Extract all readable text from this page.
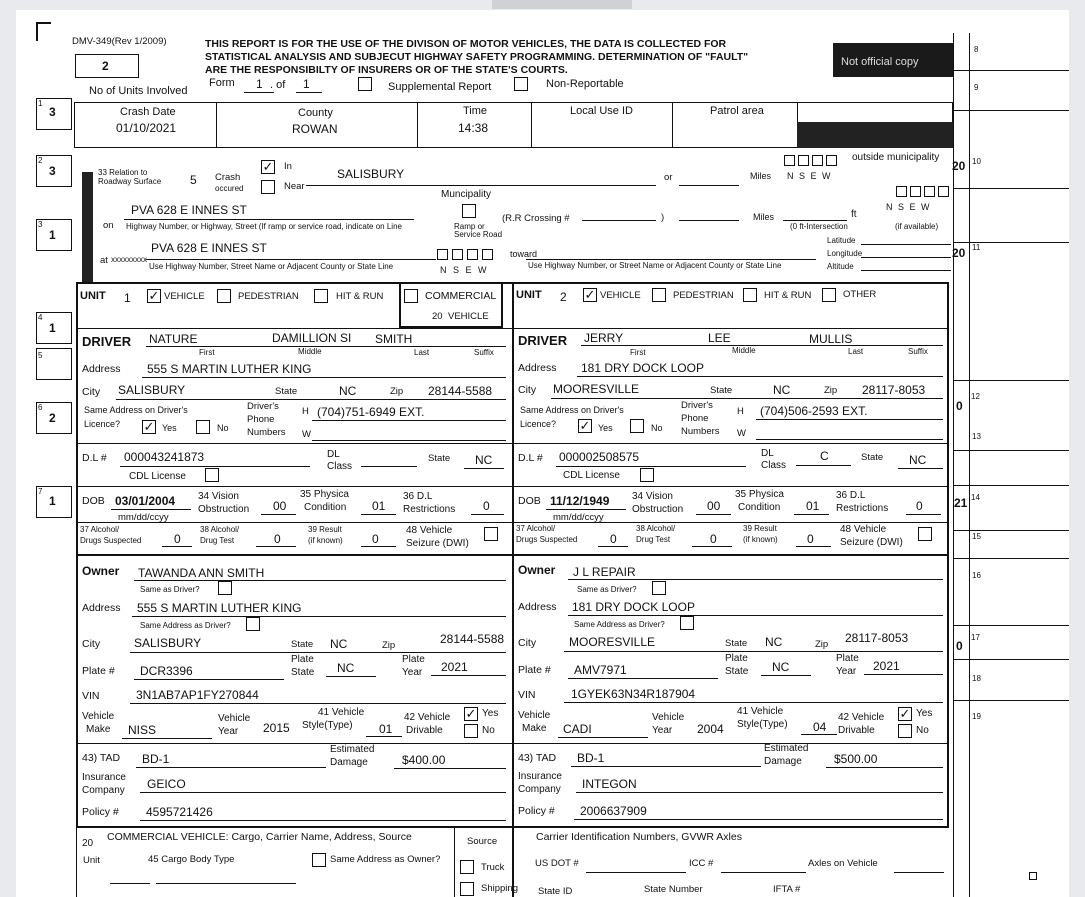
DMV-349(Rev 1/2009)	THIS REPORT IS FOR THE USE OF THE DIVISON OF MOTOR VEHICLES, THE DATA IS COLLECTED FOR
STATISTICAL ANALYSIS AND SUBJECUT HIGHWAY SAFETY PROGRAMMING. DETERMINATION OF "FAULT"
ARE THE RESPONSIBILTY OF INSURERS OR OF THE STATE'S COURTS.
2
No of Units Involved
Form 1 . of 1	Supplemental Report	Non-Reportable
Not official copy
8
9
20 10
20 11
0
12
13
21 14
15
16
0
17
18
19
1
3
2
3
3
1
4
1
5
6
2
7
1
Crash Date
01/10/2021
County
ROWAN
Time
14:38
Local Use ID	Patrol area
LOCATION
33 Relation to
Roadway Surface 5 Crash
occured
✓ In
Near
SALISBURY	or	Miles N S E W
outside municipality
Muncipality
N S E W
PVA 628 E INNES ST
on Highway Number, or Highway, Street (If ramp or service road, indicate on Line	Ramp or
Service Road
(R.R Crossing #	)	Miles	ft
(0 ft-Intersection	(if available)
Latitude
Longitude
Altitude
PVA 628 E INNES ST
at xxxxxxxxx
Use Highway Number, Street Name or Adjacent County or State Line	N S E W
toward
Use Highway Number, or Street Name or Adjacent County or State Line
UNIT 1 ✓ VEHICLE	PEDESTRIAN	HIT & RUN	COMMERCIAL
20 VEHICLE
UNIT 2 ✓ VEHICLE	PEDESTRIAN	HIT & RUN	OTHER
DRIVER NATURE	DAMILLION SI SMITH
First	Middle	Last	Suffix
Address 555 S MARTIN LUTHER KING
City SALISBURY	State	NC	Zip 28144-5588
Same Address on Driver's
Licence? ✓ Yes	No
Driver's
Phone
Numbers
H (704)751-6949 EXT.
W
D.L # 000043241873	DL
Class
State NC
CDL License
DOB 03/01/2004
mm/dd/ccyy
34 Vision
Obstruction 00
35 Physica
Condition 01
36 D.L
Restrictions 0
37 Alcohol/
Drugs Suspected	0
38 Alcohol/
Drug Test	0
39 Result
(if known) 0
48 Vehicle
Seizure (DWI)
DRIVER JERRY	LEE	MULLIS
First	Middle	Last	Suffix
Address 181 DRY DOCK LOOP
City MOORESVILLE	State	NC	Zip 28117-8053
Same Address on Driver's
Licence? ✓ Yes	No
Driver's
Phone
Numbers
H (704)506-2593 EXT.
W
D.L # 000002508575	DL
Class
C	State NC
CDL License
DOB 11/12/1949
mm/dd/ccyy
34 Vision
Obstruction 00
35 Physica
Condition 01
36 D.L
Restrictions 0
37 Alcohol/
Drugs Suspected	0
38 Alcohol/
Drug Test	0
39 Result
(if known) 0
48 Vehicle
Seizure (DWI)
Owner TAWANDA ANN SMITH
Same as Driver?
Address 555 S MARTIN LUTHER KING
Same Address as Driver?
City	SALISBURY	State NC	Zip	28144-5588
Plate # DCR3396
Plate
State NC
Plate
Year 2021
VIN	3N1AB7AP1FY270844
Vehicle
Make NISS
Vehicle
Year 2015
41 Vehicle
Style(Type) 01
42 Vehicle
Drivable
✓ Yes
No
43) TAD BD-1
Estimated
Damage	$400.00
Insurance
Company GEICO
Policy # 4595721426
Owner J L REPAIR
Same as Driver?
Address 181 DRY DOCK LOOP
Same Address as Driver?
City	MOORESVILLE	State NC	Zip 28117-8053
Plate # AMV7971
Plate
State NC
Plate
Year 2021
VIN	1GYEK63N34R187904
Vehicle
Make CADI
Vehicle
Year 2004
41 Vehicle
Style(Type) 04
42 Vehicle
Drivable
✓ Yes
No
43) TAD BD-1
Estimated
Damage	$500.00
Insurance
Company INTEGON
Policy # 2006637909
20
COMMERCIAL VEHICLE: Cargo, Carrier Name, Address, Source	Source	Carrier Identification Numbers, GVWR Axles
Unit	45 Cargo Body Type	Same Address as Owner?
Truck
Shipping
US DOT #	ICC #	Axles on Vehicle
State ID	State Number	IFTA #
